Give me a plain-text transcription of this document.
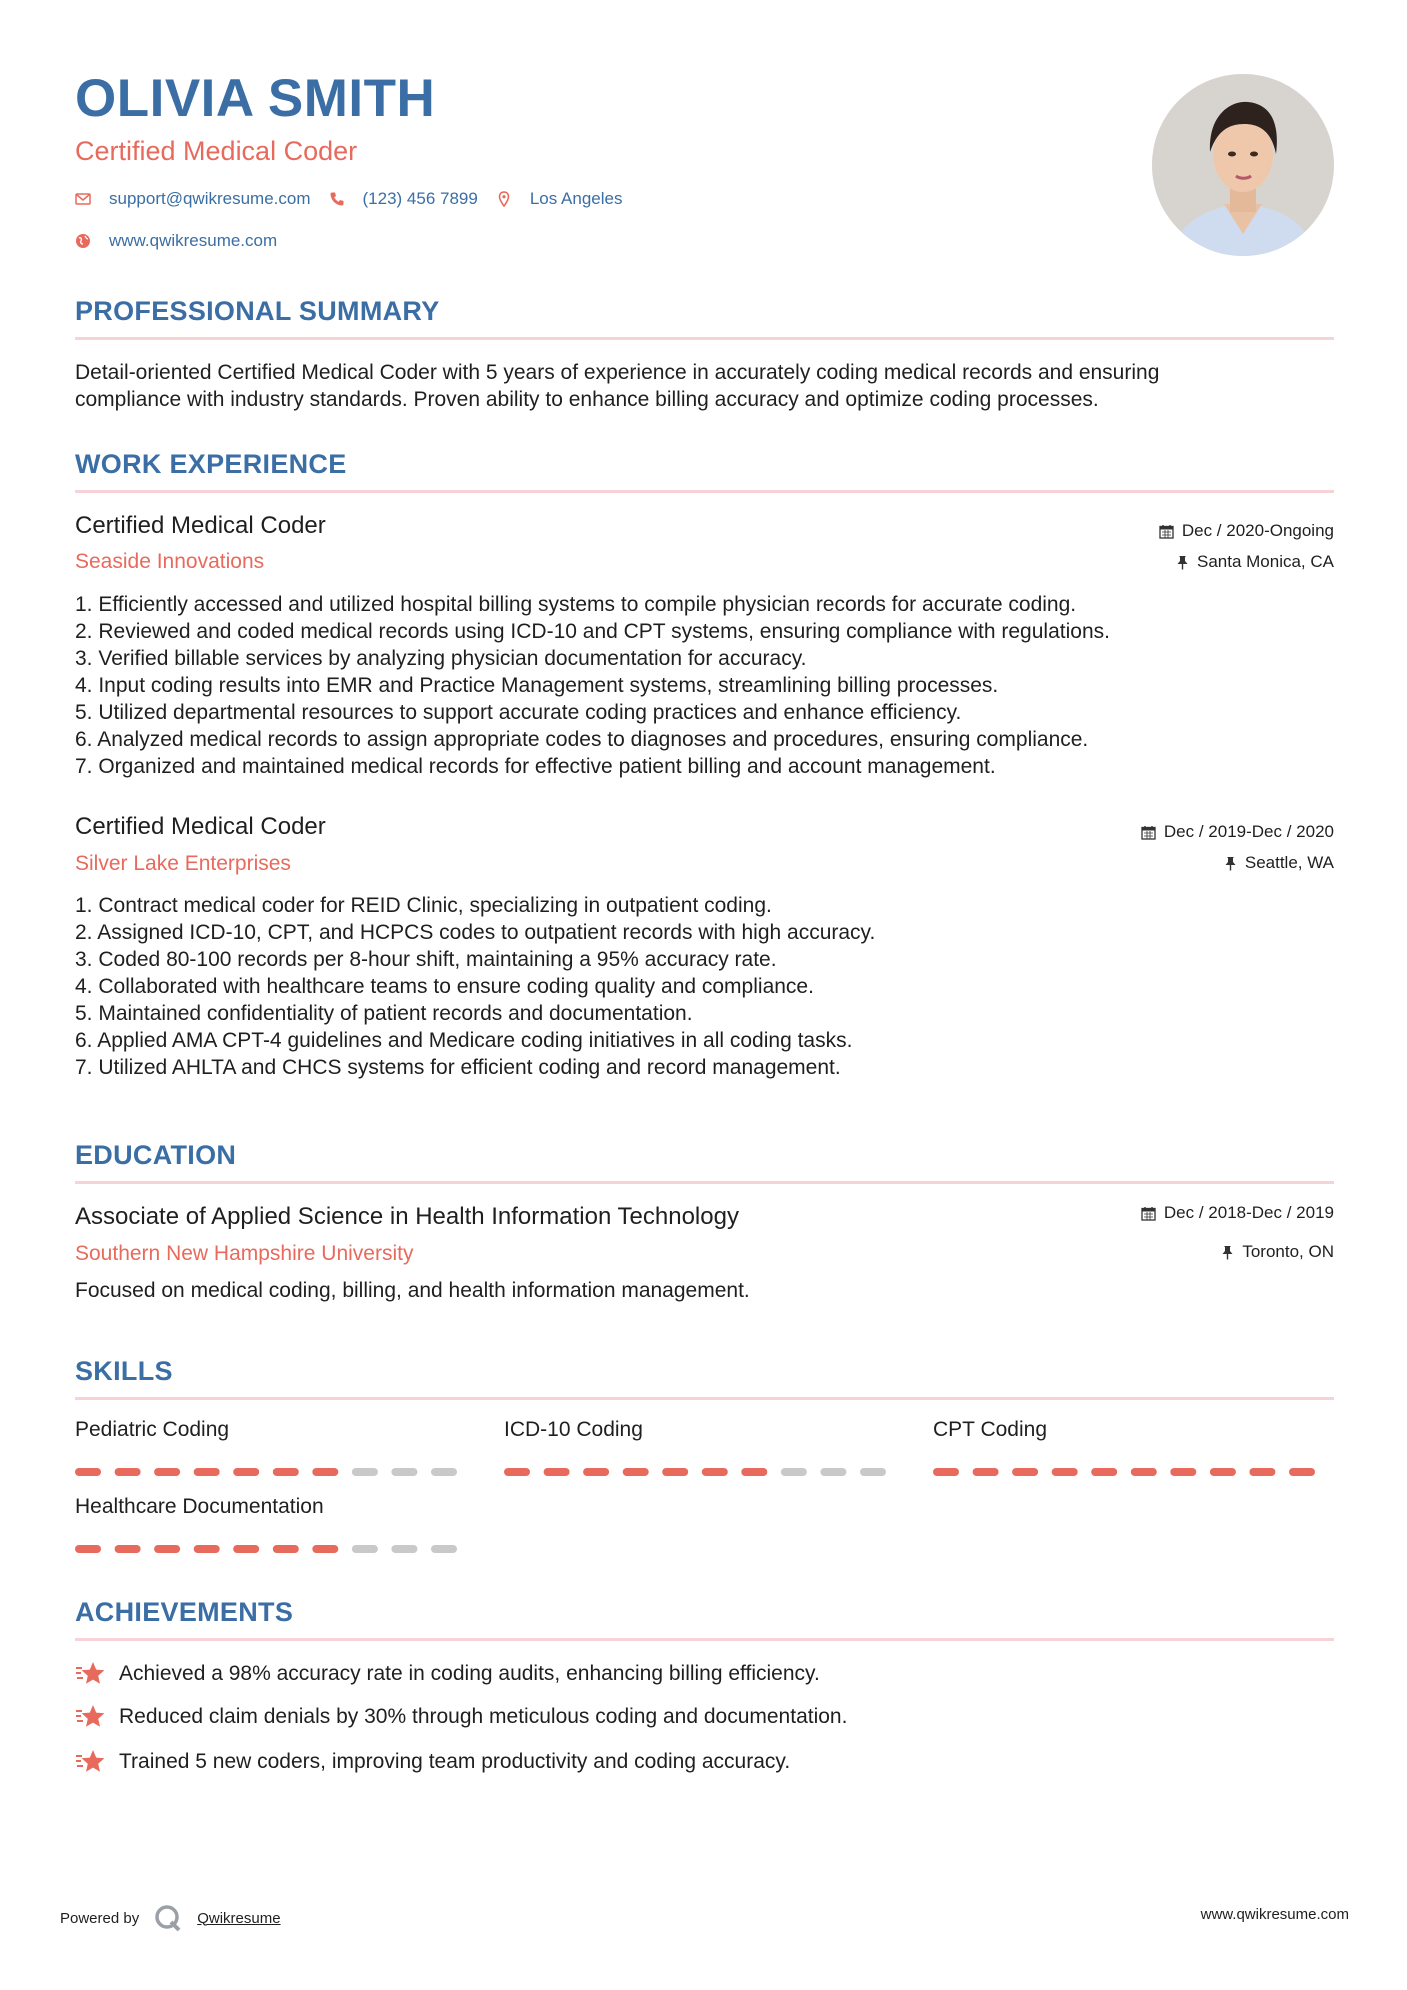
OLIVIA SMITH
Certified Medical Coder
support@qwikresume.com	(123) 456 7899	Los Angeles
www.qwikresume.com
PROFESSIONAL SUMMARY
Detail-oriented Certified Medical Coder with 5 years of experience in accurately coding medical records and ensuring
compliance with industry standards. Proven ability to enhance billing accuracy and optimize coding processes.
WORK EXPERIENCE
Certified Medical Coder
Seaside Innovations
Dec / 2020-Ongoing
Santa Monica, CA
1. Efficiently accessed and utilized hospital billing systems to compile physician records for accurate coding.
2. Reviewed and coded medical records using ICD-10 and CPT systems, ensuring compliance with regulations.
3. Verified billable services by analyzing physician documentation for accuracy.
4. Input coding results into EMR and Practice Management systems, streamlining billing processes.
5. Utilized departmental resources to support accurate coding practices and enhance efficiency.
6. Analyzed medical records to assign appropriate codes to diagnoses and procedures, ensuring compliance.
7. Organized and maintained medical records for effective patient billing and account management.
Certified Medical Coder
Silver Lake Enterprises
Dec / 2019-Dec / 2020
Seattle, WA
1. Contract medical coder for REID Clinic, specializing in outpatient coding.
2. Assigned ICD-10, CPT, and HCPCS codes to outpatient records with high accuracy.
3. Coded 80-100 records per 8-hour shift, maintaining a 95% accuracy rate.
4. Collaborated with healthcare teams to ensure coding quality and compliance.
5. Maintained confidentiality of patient records and documentation.
6. Applied AMA CPT-4 guidelines and Medicare coding initiatives in all coding tasks.
7. Utilized AHLTA and CHCS systems for efficient coding and record management.
EDUCATION
Associate of Applied Science in Health Information Technology
Southern New Hampshire University
Dec / 2018-Dec / 2019
Toronto, ON
Focused on medical coding, billing, and health information management.
SKILLS
Pediatric Coding	ICD-10 Coding	CPT Coding
Healthcare Documentation
ACHIEVEMENTS
Achieved a 98% accuracy rate in coding audits, enhancing billing efficiency.
Reduced claim denials by 30% through meticulous coding and documentation.
Trained 5 new coders, improving team productivity and coding accuracy.
Powered by	Qwikresume	www.qwikresume.com
